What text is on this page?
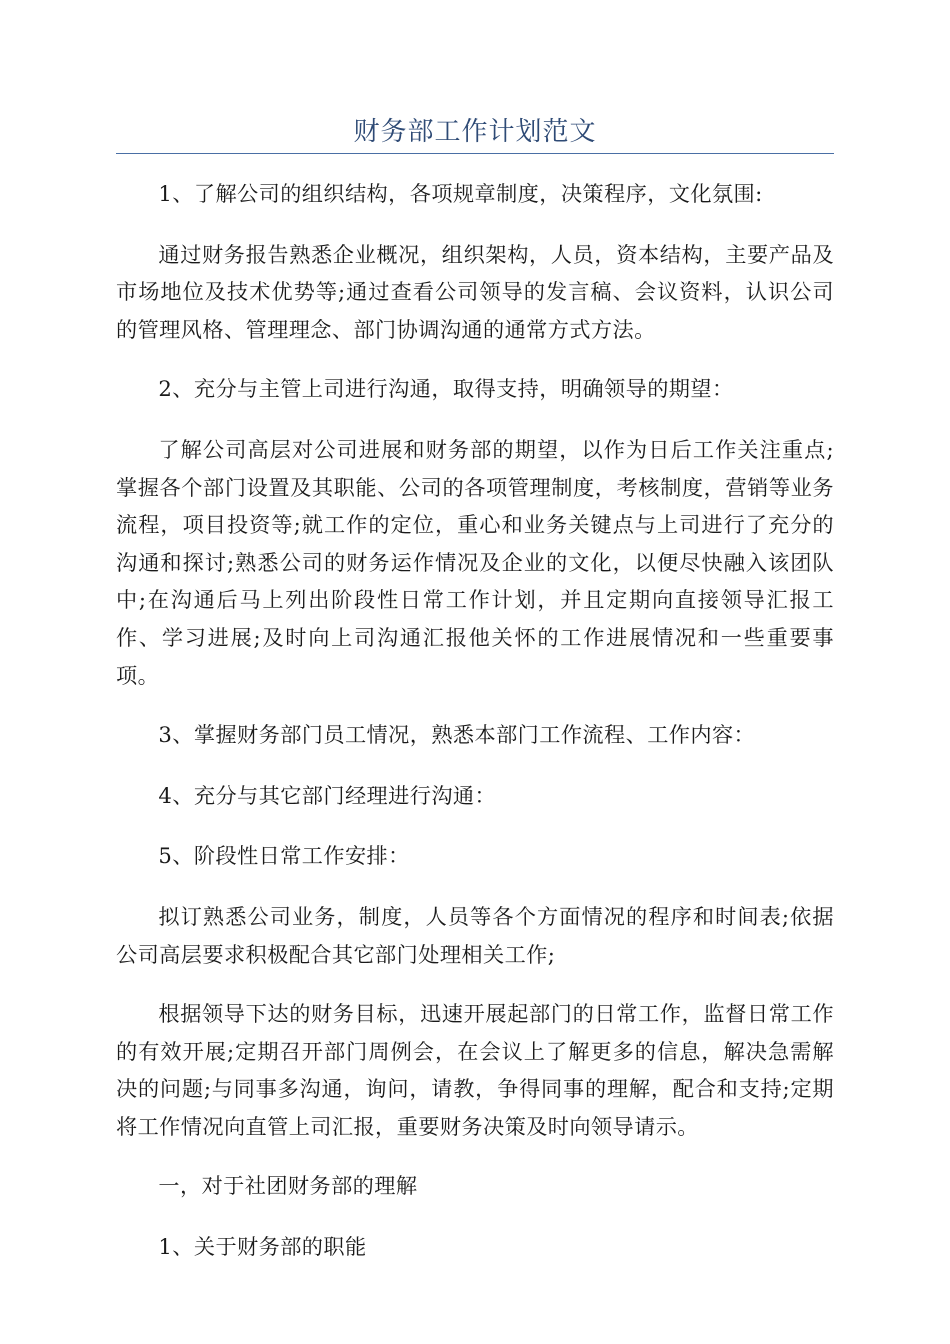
财务部工作计划范文

1、了解公司的组织结构，各项规章制度，决策程序，文化氛围:

通过财务报告熟悉企业概况，组织架构，人员，资本结构，主要产品及市场地位及技术优势等;通过查看公司领导的发言稿、会议资料，认识公司的管理风格、管理理念、部门协调沟通的通常方式方法。

2、充分与主管上司进行沟通，取得支持，明确领导的期望：

了解公司高层对公司进展和财务部的期望，以作为日后工作关注重点;掌握各个部门设置及其职能、公司的各项管理制度，考核制度，营销等业务流程，项目投资等;就工作的定位，重心和业务关键点与上司进行了充分的沟通和探讨;熟悉公司的财务运作情况及企业的文化，以便尽快融入该团队中;在沟通后马上列出阶段性日常工作计划，并且定期向直接领导汇报工作、学习进展;及时向上司沟通汇报他关怀的工作进展情况和一些重要事项。

3、掌握财务部门员工情况，熟悉本部门工作流程、工作内容：

4、充分与其它部门经理进行沟通：

5、阶段性日常工作安排：

拟订熟悉公司业务，制度，人员等各个方面情况的程序和时间表;依据公司高层要求积极配合其它部门处理相关工作;

根据领导下达的财务目标，迅速开展起部门的日常工作，监督日常工作的有效开展;定期召开部门周例会，在会议上了解更多的信息，解决急需解决的问题;与同事多沟通，询问，请教，争得同事的理解，配合和支持;定期将工作情况向直管上司汇报，重要财务决策及时向领导请示。

一，对于社团财务部的理解

1、关于财务部的职能
